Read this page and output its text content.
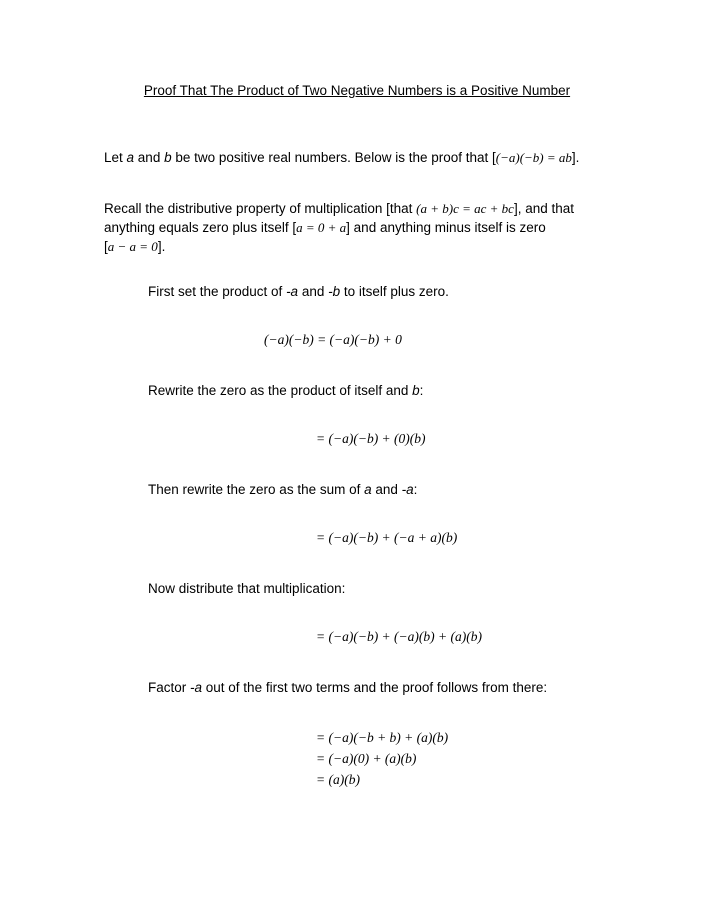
Proof That The Product of Two Negative Numbers is a Positive Number
Let a and b be two positive real numbers. Below is the proof that [(−a)(−b) = ab].
Recall the distributive property of multiplication [that (a + b)c = ac + bc], and that
anything equals zero plus itself [a = 0 + a] and anything minus itself is zero
[a − a = 0].
First set the product of -a and -b to itself plus zero.
(−a)(−b) = (−a)(−b) + 0
Rewrite the zero as the product of itself and b:
= (−a)(−b) + (0)(b)
Then rewrite the zero as the sum of a and -a:
= (−a)(−b) + (−a + a)(b)
Now distribute that multiplication:
= (−a)(−b) + (−a)(b) + (a)(b)
Factor -a out of the first two terms and the proof follows from there:
= (−a)(−b + b) + (a)(b)
= (−a)(0) + (a)(b)
= (a)(b)
